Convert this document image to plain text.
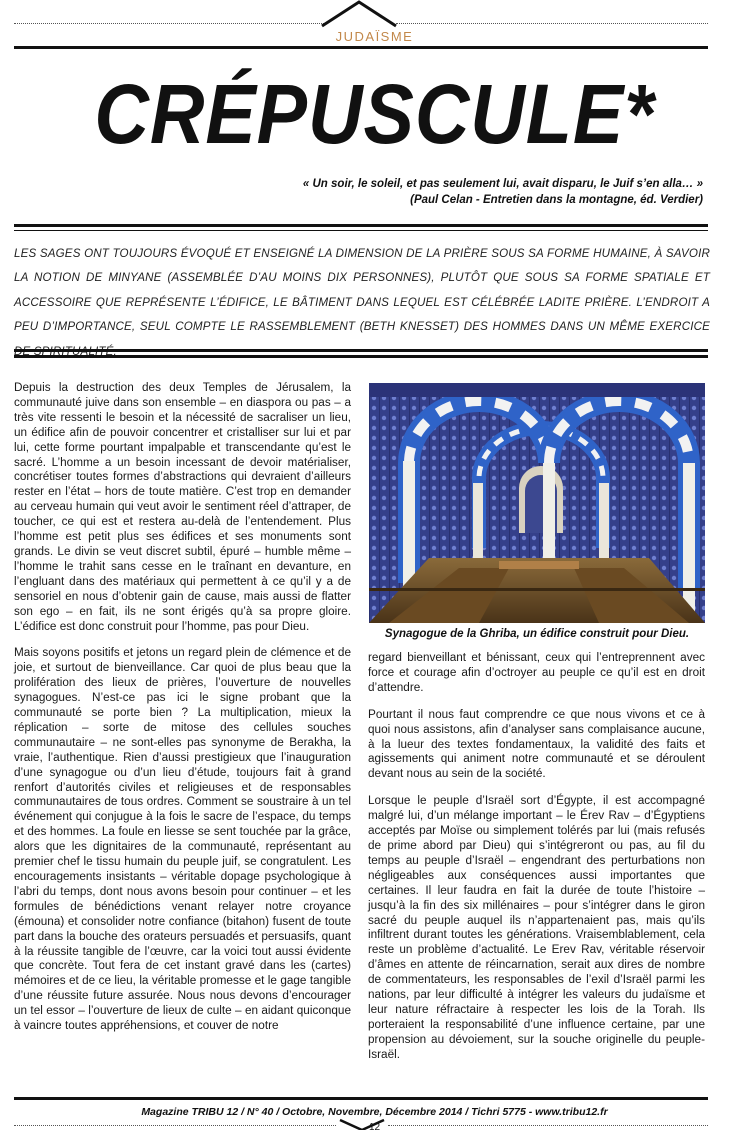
JUDAÏSME
CRÉPUSCULE*
« Un soir, le soleil, et pas seulement lui, avait disparu, le Juif s’en alla… »
(Paul Celan - Entretien dans la montagne, éd. Verdier)
LES SAGES ONT TOUJOURS ÉVOQUÉ ET ENSEIGNÉ LA DIMENSION DE LA PRIÈRE SOUS SA FORME HUMAINE, À SAVOIR LA NOTION DE MINYANE (ASSEMBLÉE D’AU MOINS DIX PERSONNES), PLUTÔT QUE SOUS SA FORME SPATIALE ET ACCESSOIRE QUE REPRÉSENTE L’ÉDIFICE, LE BÂTIMENT DANS LEQUEL EST CÉLÉBRÉE LADITE PRIÈRE. L’ENDROIT A PEU D’IMPORTANCE, SEUL COMPTE LE RASSEMBLEMENT (BETH KNESSET) DES HOMMES DANS UN MÊME EXERCICE

Depuis la destruction des deux Temples de Jérusalem, la communauté juive dans son ensemble – en diaspora ou pas – a très vite ressenti le besoin et la nécessité de sacraliser un lieu, un édifice afin de pouvoir concentrer et cristalliser sur lui et par lui, cette forme pourtant impalpable et transcendante qu’est le sacré. L’homme a un besoin incessant de devoir matérialiser, concrétiser toutes formes d’abstractions qui devraient d’ailleurs rester en l’état – hors de toute matière. C’est trop en demander au cerveau humain qui veut avoir le sentiment réel d’attraper, de toucher, ce qui est et restera au-delà de l’entendement. Plus l’homme est petit plus ses édifices et ses monuments sont grands. Le divin se veut discret subtil, épuré – humble même – l’homme le trahit sans cesse en le traînant en devanture, en l’engluant dans des matériaux qui permettent à ce qu’il y a de sensoriel en nous d’obtenir gain de cause, mais aussi de flatter son ego – en fait, ils ne sont érigés qu’à sa propre gloire. L’édifice est donc construit pour l’homme, pas pour Dieu.

Mais soyons positifs et jetons un regard plein de clémence et de joie, et surtout de bienveillance. Car quoi de plus beau que la prolifération des lieux de prières, l’ouverture de nouvelles synagogues. N’est-ce pas ici le signe probant que la communauté se porte bien ? La multiplication, mieux la réplication – sorte de mitose des cellules souches communautaire – ne sont-elles pas synonyme de Berakha, la vraie, l’authentique. Rien d’aussi prestigieux que l’inauguration d’une synagogue ou d’un lieu d’étude, toujours fait à grand renfort d’autorités civiles et religieuses et de responsables communautaires de tous ordres. Comment se soustraire à un tel événement qui conjugue à la fois le sacre de l’espace, du temps et des hommes. La foule en liesse se sent touchée par la grâce, alors que les dignitaires de la communauté, représentant au premier chef le tissu humain du peuple juif, se congratulent. Les encouragements insistants – véritable dopage psychologique à l’abri du temps, dont nous avons besoin pour continuer – et les formules de bénédictions venant relayer notre croyance (émouna) et consolider notre confiance (bitahon) fusent de toute part dans la bouche des orateurs persuadés et persuasifs, quant à la réussite tangible de l’œuvre, car la voici tout aussi évidente que concrète. Tout fera de cet instant gravé dans les (cartes) mémoires et de ce lieu, la véritable promesse et le gage tangible d’une réussite future assurée. Nous nous devons d’encourager un tel essor – l’ouverture de lieux de culte – en aidant quiconque à vaincre toutes appréhensions, et couver de notre

Synagogue de la Ghriba, un édifice construit pour Dieu.

regard bienveillant et bénissant, ceux qui l’entreprennent avec force et courage afin d’octroyer au peuple ce qu’il est en droit d’attendre.

Pourtant il nous faut comprendre ce que nous vivons et ce à quoi nous assistons, afin d’analyser sans complaisance aucune, à la lueur des textes fondamentaux, la validité des faits et agissements qui animent notre communauté et se déroulent devant nous au sein de la société.

Lorsque le peuple d’Israël sort d’Égypte, il est accompagné malgré lui, d’un mélange important – le Érev Rav – d’Égyptiens acceptés par Moïse ou simplement tolérés par lui (mais refusés de prime abord par Dieu) qui s’intégreront ou pas, au fil du temps au peuple d’Israël – engendrant des perturbations non négligeables aux conséquences aussi importantes que certaines. Il leur faudra en fait la durée de toute l’histoire – jusqu’à la fin des six millénaires – pour s’intégrer dans le giron sacré du peuple auquel ils n’appartenaient pas, mais qu’ils infiltrent durant toutes les générations. Vraisemblablement, cela reste un problème d’actualité. Le Erev Rav, véritable réservoir d’âmes en attente de réincarnation, serait aux dires de nombre de commentateurs, les responsables de l’exil d’Israël parmi les nations, par leur difficulté à intégrer les valeurs du judaïsme et leur nature réfractaire à respecter les lois de la Torah. Ils porteraient la responsabilité d’une influence certaine, par une propension au dévoiement, sur la souche originelle du peuple-Israël.

Magazine TRIBU 12 / N° 40 / Octobre, Novembre, Décembre 2014 / Tichri 5775 - www.tribu12.fr
12
